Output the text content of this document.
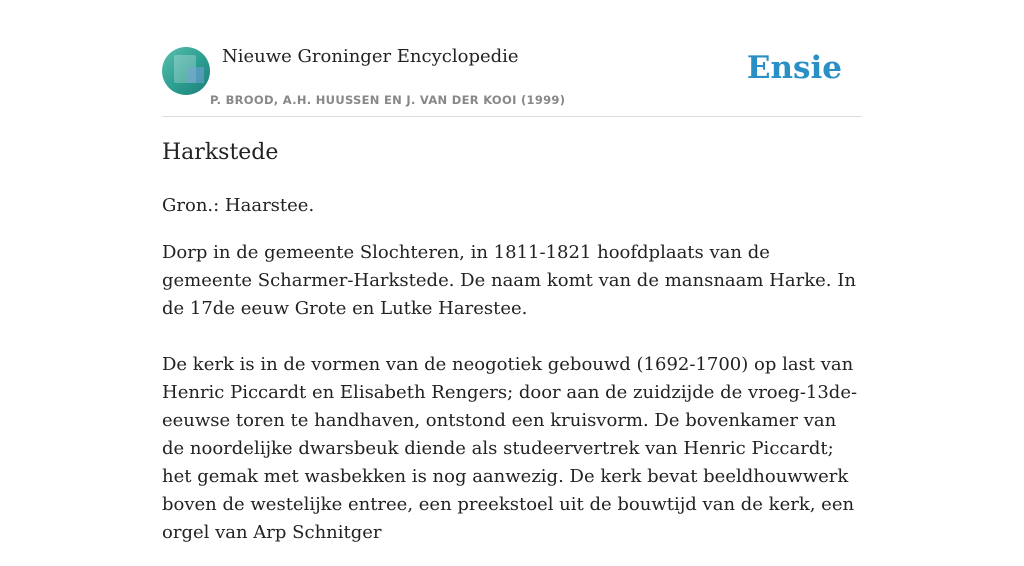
Nieuwe Groninger Encyclopedie
P. BROOD, A.H. HUUSSEN EN J. VAN DER KOOI (1999)
Ensie
Harkstede

Gron.: Haarstee.

Dorp in de gemeente Slochteren, in 1811-1821 hoofdplaats van de gemeente Scharmer-Harkstede. De naam komt van de mansnaam Harke. In de 17de eeuw Grote en Lutke Harestee.

De kerk is in de vormen van de neogotiek gebouwd (1692-1700) op last van Henric Piccardt en Elisabeth Rengers; door aan de zuidzijde de vroeg-13de-eeuwse toren te handhaven, ontstond een kruisvorm. De bovenkamer van de noordelijke dwarsbeuk diende als studeervertrek van Henric Piccardt; het gemak met wasbekken is nog aanwezig. De kerk bevat beeldhouwwerk boven de westelijke entree, een preekstoel uit de bouwtijd van de kerk, een orgel van Arp Schnitger
